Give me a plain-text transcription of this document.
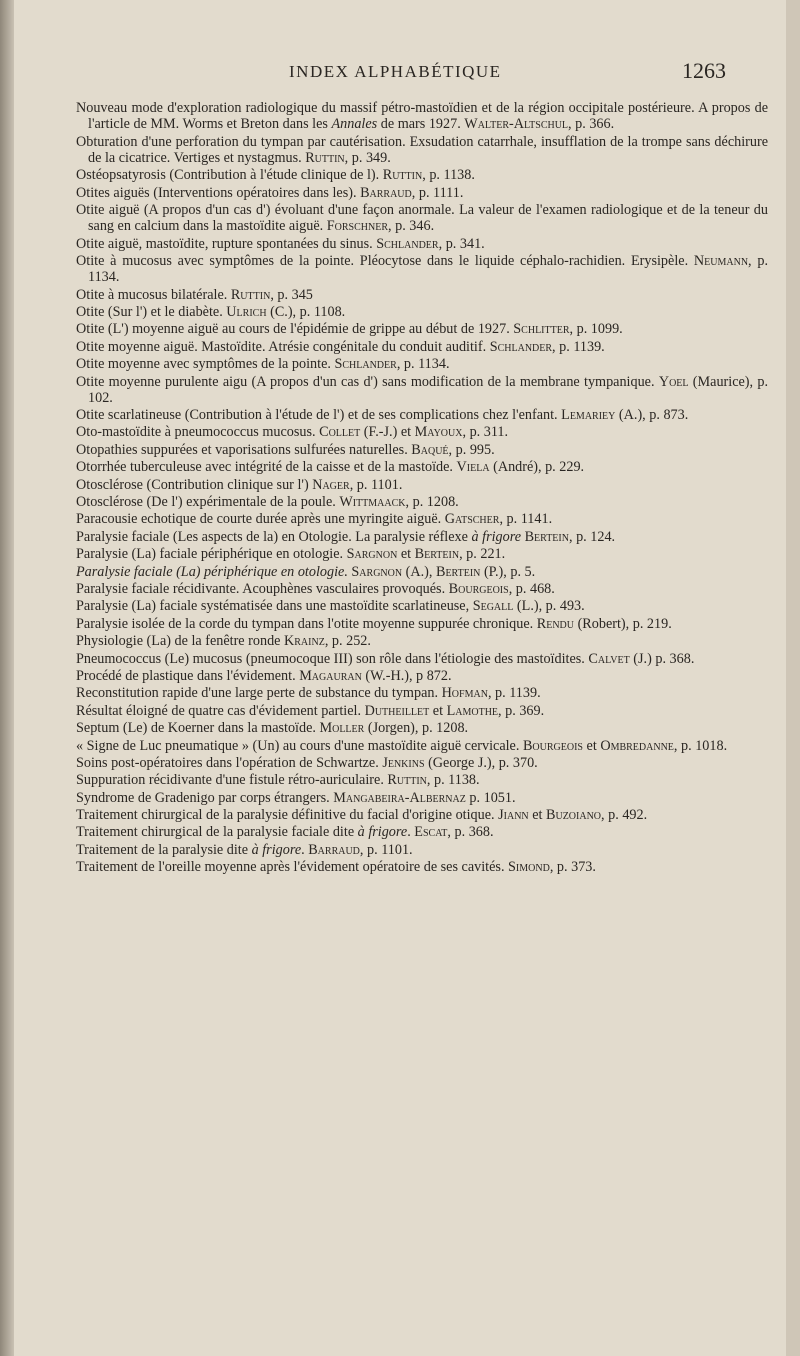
INDEX ALPHABÉTIQUE	1263

Nouveau mode d'exploration radiologique du massif pétro-mastoïdien et de la région occipitale postérieure. A propos de l'article de MM. Worms et Breton dans les Annales de mars 1927. Walter-Altschul, p. 366.

Obturation d'une perforation du tympan par cautérisation. Exsudation catarrhale, insufflation de la trompe sans déchirure de la cicatrice. Vertiges et nystagmus. Ruttin, p. 349.

Ostéopsatyrosis (Contribution à l'étude clinique de l). Ruttin, p. 1138.

Otites aiguës (Interventions opératoires dans les). Barraud, p. 1111.

Otite aiguë (A propos d'un cas d') évoluant d'une façon anormale. La valeur de l'examen radiologique et de la teneur du sang en calcium dans la mastoïdite aiguë. Forschner, p. 346.

Otite aiguë, mastoïdite, rupture spontanées du sinus. Schlander, p. 341.

Otite à mucosus avec symptômes de la pointe. Pléocytose dans le liquide céphalo-rachidien. Erysipèle. Neumann, p. 1134.

Otite à mucosus bilatérale. Ruttin, p. 345

Otite (Sur l') et le diabète. Ulrich (C.), p. 1108.

Otite (L') moyenne aiguë au cours de l'épidémie de grippe au début de 1927. Schlitter, p. 1099.

Otite moyenne aiguë. Mastoïdite. Atrésie congénitale du conduit auditif. Schlander, p. 1139.

Otite moyenne avec symptômes de la pointe. Schlander, p. 1134.

Otite moyenne purulente aigu (A propos d'un cas d') sans modification de la membrane tympanique. Yoel (Maurice), p. 102.

Otite scarlatineuse (Contribution à l'étude de l') et de ses complications chez l'enfant. Lemariey (A.), p. 873.

Oto-mastoïdite à pneumococcus mucosus. Collet (F.-J.) et Mayoux, p. 311.

Otopathies suppurées et vaporisations sulfurées naturelles. Baqué, p. 995.

Otorrhée tuberculeuse avec intégrité de la caisse et de la mastoïde. Viela (André), p. 229.

Otosclérose (Contribution clinique sur l') Nager, p. 1101.

Otosclérose (De l') expérimentale de la poule. Wittmaack, p. 1208.

Paracousie echotique de courte durée après une myringite aiguë. Gatscher, p. 1141.

Paralysie faciale (Les aspects de la) en Otologie. La paralysie réflexe à frigore Bertein, p. 124.

Paralysie (La) faciale périphérique en otologie. Sargnon et Bertein, p. 221.

Paralysie faciale (La) périphérique en otologie. Sargnon (A.), Bertein (P.), p. 5.

Paralysie faciale récidivante. Acouphènes vasculaires provoqués. Bourgeois, p. 468.

Paralysie (La) faciale systématisée dans une mastoïdite scarlatineuse, Segall (L.), p. 493.

Paralysie isolée de la corde du tympan dans l'otite moyenne suppurée chronique. Rendu (Robert), p. 219.

Physiologie (La) de la fenêtre ronde Krainz, p. 252.

Pneumococcus (Le) mucosus (pneumocoque III) son rôle dans l'étiologie des mastoïdites. Calvet (J.) p. 368.

Procédé de plastique dans l'évidement. Magauran (W.-H.), p 872.

Reconstitution rapide d'une large perte de substance du tympan. Hofman, p. 1139.

Résultat éloigné de quatre cas d'évidement partiel. Dutheillet et Lamothe, p. 369.

Septum (Le) de Koerner dans la mastoïde. Moller (Jorgen), p. 1208.

« Signe de Luc pneumatique » (Un) au cours d'une mastoïdite aiguë cervicale. Bourgeois et Ombredanne, p. 1018.

Soins post-opératoires dans l'opération de Schwartze. Jenkins (George J.), p. 370.

Suppuration récidivante d'une fistule rétro-auriculaire. Ruttin, p. 1138.

Syndrome de Gradenigo par corps étrangers. Mangabeira-Albernaz p. 1051.

Traitement chirurgical de la paralysie définitive du facial d'origine otique. Jiann et Buzoiano, p. 492.

Traitement chirurgical de la paralysie faciale dite à frigore. Escat, p. 368.

Traitement de la paralysie dite à frigore. Barraud, p. 1101.

Traitement de l'oreille moyenne après l'évidement opératoire de ses cavités. Simond, p. 373.
